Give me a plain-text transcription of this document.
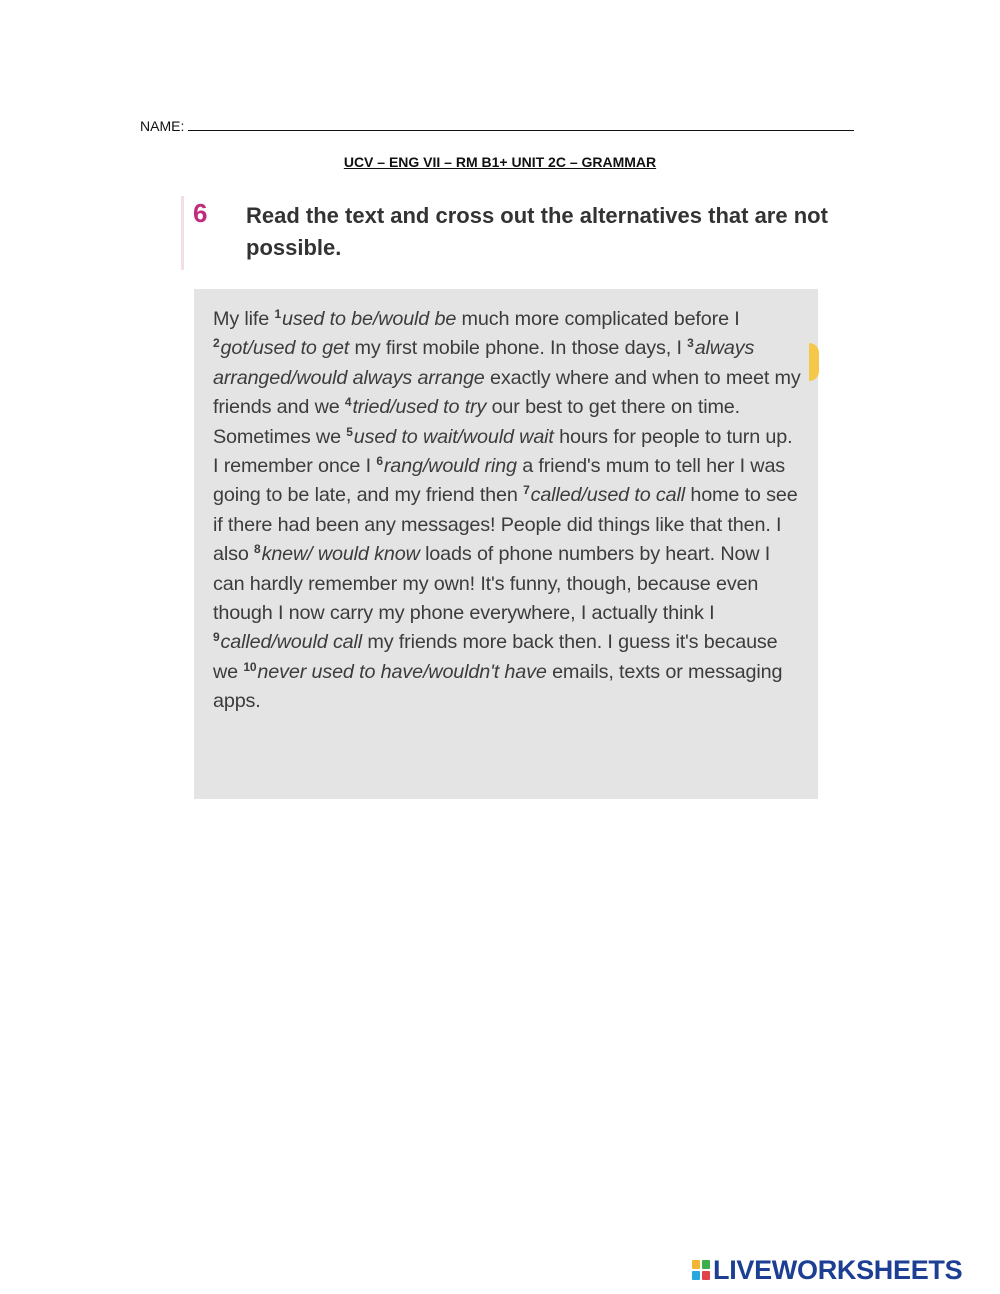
NAME:
UCV – ENG VII – RM B1+ UNIT 2C – GRAMMAR
6 Read the text and cross out the alternatives that are not possible.

My life $^1$used to be/would be much more complicated before I $^2$got/used to get my first mobile phone. In those days, I $^3$always arranged/would always arrange exactly where and when to meet my friends and we $^4$tried/used to try our best to get there on time.

Sometimes we $^5$used to wait/would wait hours for people to turn up. I remember once I $^6$rang/would ring a friend's mum to tell her I was going to be late, and my friend then $^7$called/used to call home to see if there had been any messages! People did things like that then. I also $^8$knew/ would know loads of phone numbers by heart. Now I can hardly remember my own! It's funny, though, because even though I now carry my phone everywhere, I actually think I $^9$called/would call my friends more back then. I guess it's because we $^{10}$never used to have/wouldn't have emails, texts or messaging apps.

LIVEWORKSHEETS
